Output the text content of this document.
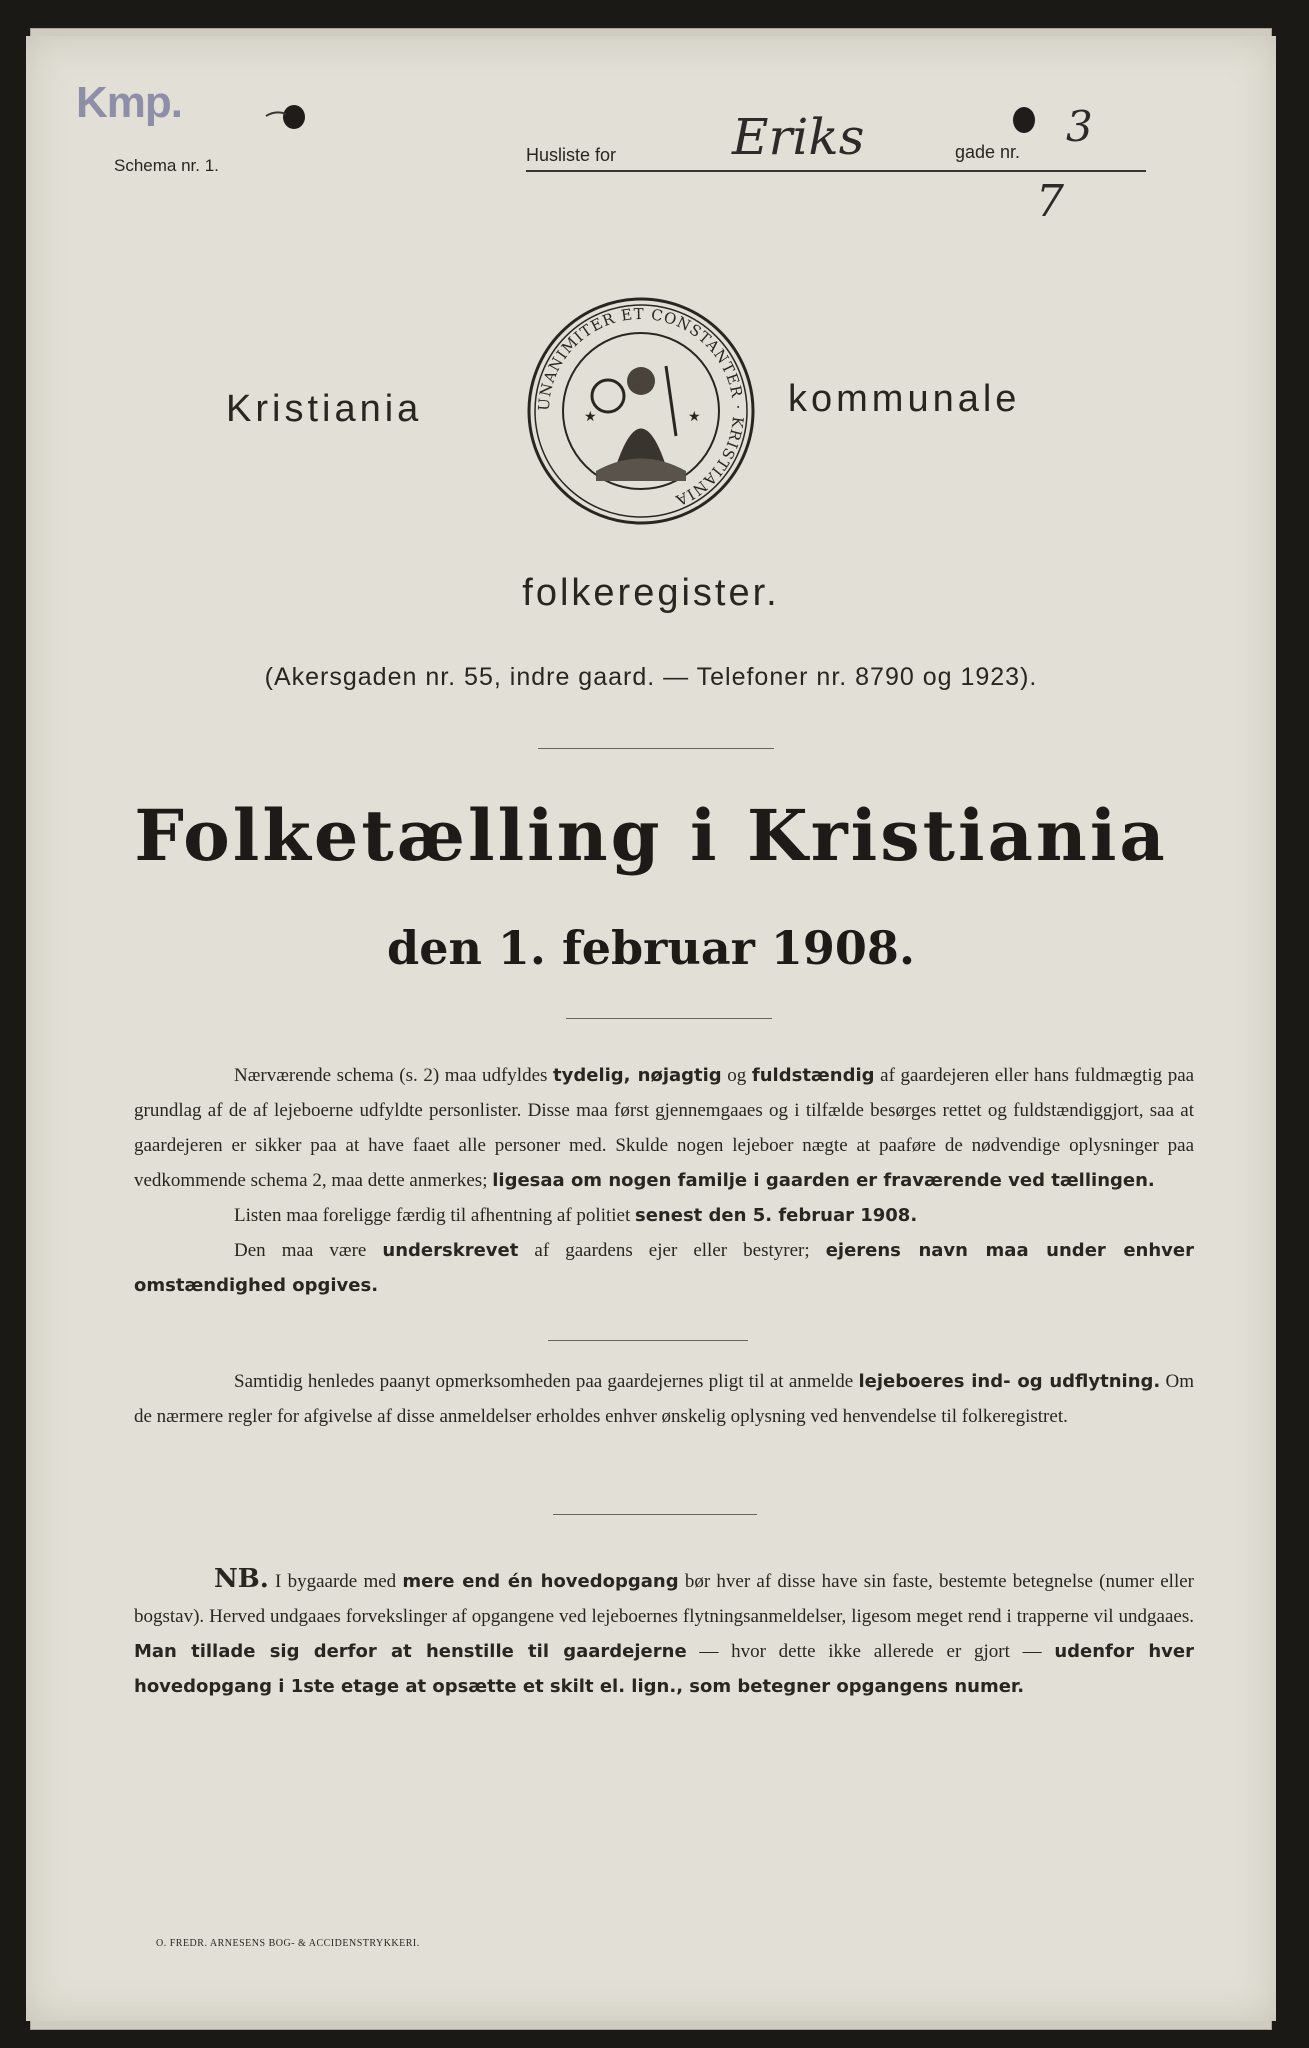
Kmp.
Schema nr. 1.
Husliste for Eriks	gade nr.
3
7
Kristiania	UNANIMITER ET CONSTANTER · KRISTIANIA
★	★ kommunale
folkeregister.
(Akersgaden nr. 55, indre gaard. — Telefoner nr. 8790 og 1923).
Folketælling i Kristiania
den 1. februar 1908.
Nærværende schema (s. 2) maa udfyldes tydelig, nøjagtig og fuldstændig af gaardejeren eller hans fuldmægtig paa grundlag af de af lejeboerne udfyldte personlister. Disse maa først gjennemgaaes og i tilfælde besørges rettet og fuldstændiggjort, saa at gaardejeren er sikker paa at have faaet alle personer med. Skulde nogen lejeboer nægte at paaføre de nødvendige oplysninger paa vedkommende schema 2, maa dette anmerkes; ligesaa om nogen familje i gaarden er fraværende ved tællingen.
Listen maa foreligge færdig til afhentning af politiet senest den 5. februar 1908.
Den maa være underskrevet af gaardens ejer eller bestyrer; ejerens navn maa under enhver omstændighed opgives.
Samtidig henledes paanyt opmerksomheden paa gaardejernes pligt til at anmelde lejeboeres ind- og udflytning. Om de nærmere regler for afgivelse af disse anmeldelser erholdes enhver ønskelig oplysning ved henvendelse til folkeregistret.
NB. I bygaarde med mere end én hovedopgang bør hver af disse have sin faste, bestemte betegnelse (numer eller bogstav). Herved undgaaes forvekslinger af opgangene ved lejeboernes flytningsanmeldelser, ligesom meget rend i trapperne vil undgaaes. Man tillade sig derfor at henstille til gaardejerne — hvor dette ikke allerede er gjort — udenfor hver hovedopgang i 1ste etage at opsætte et skilt el. lign., som betegner opgangens numer.
O. FREDR. ARNESENS BOG- & ACCIDENSTRYKKERI.
